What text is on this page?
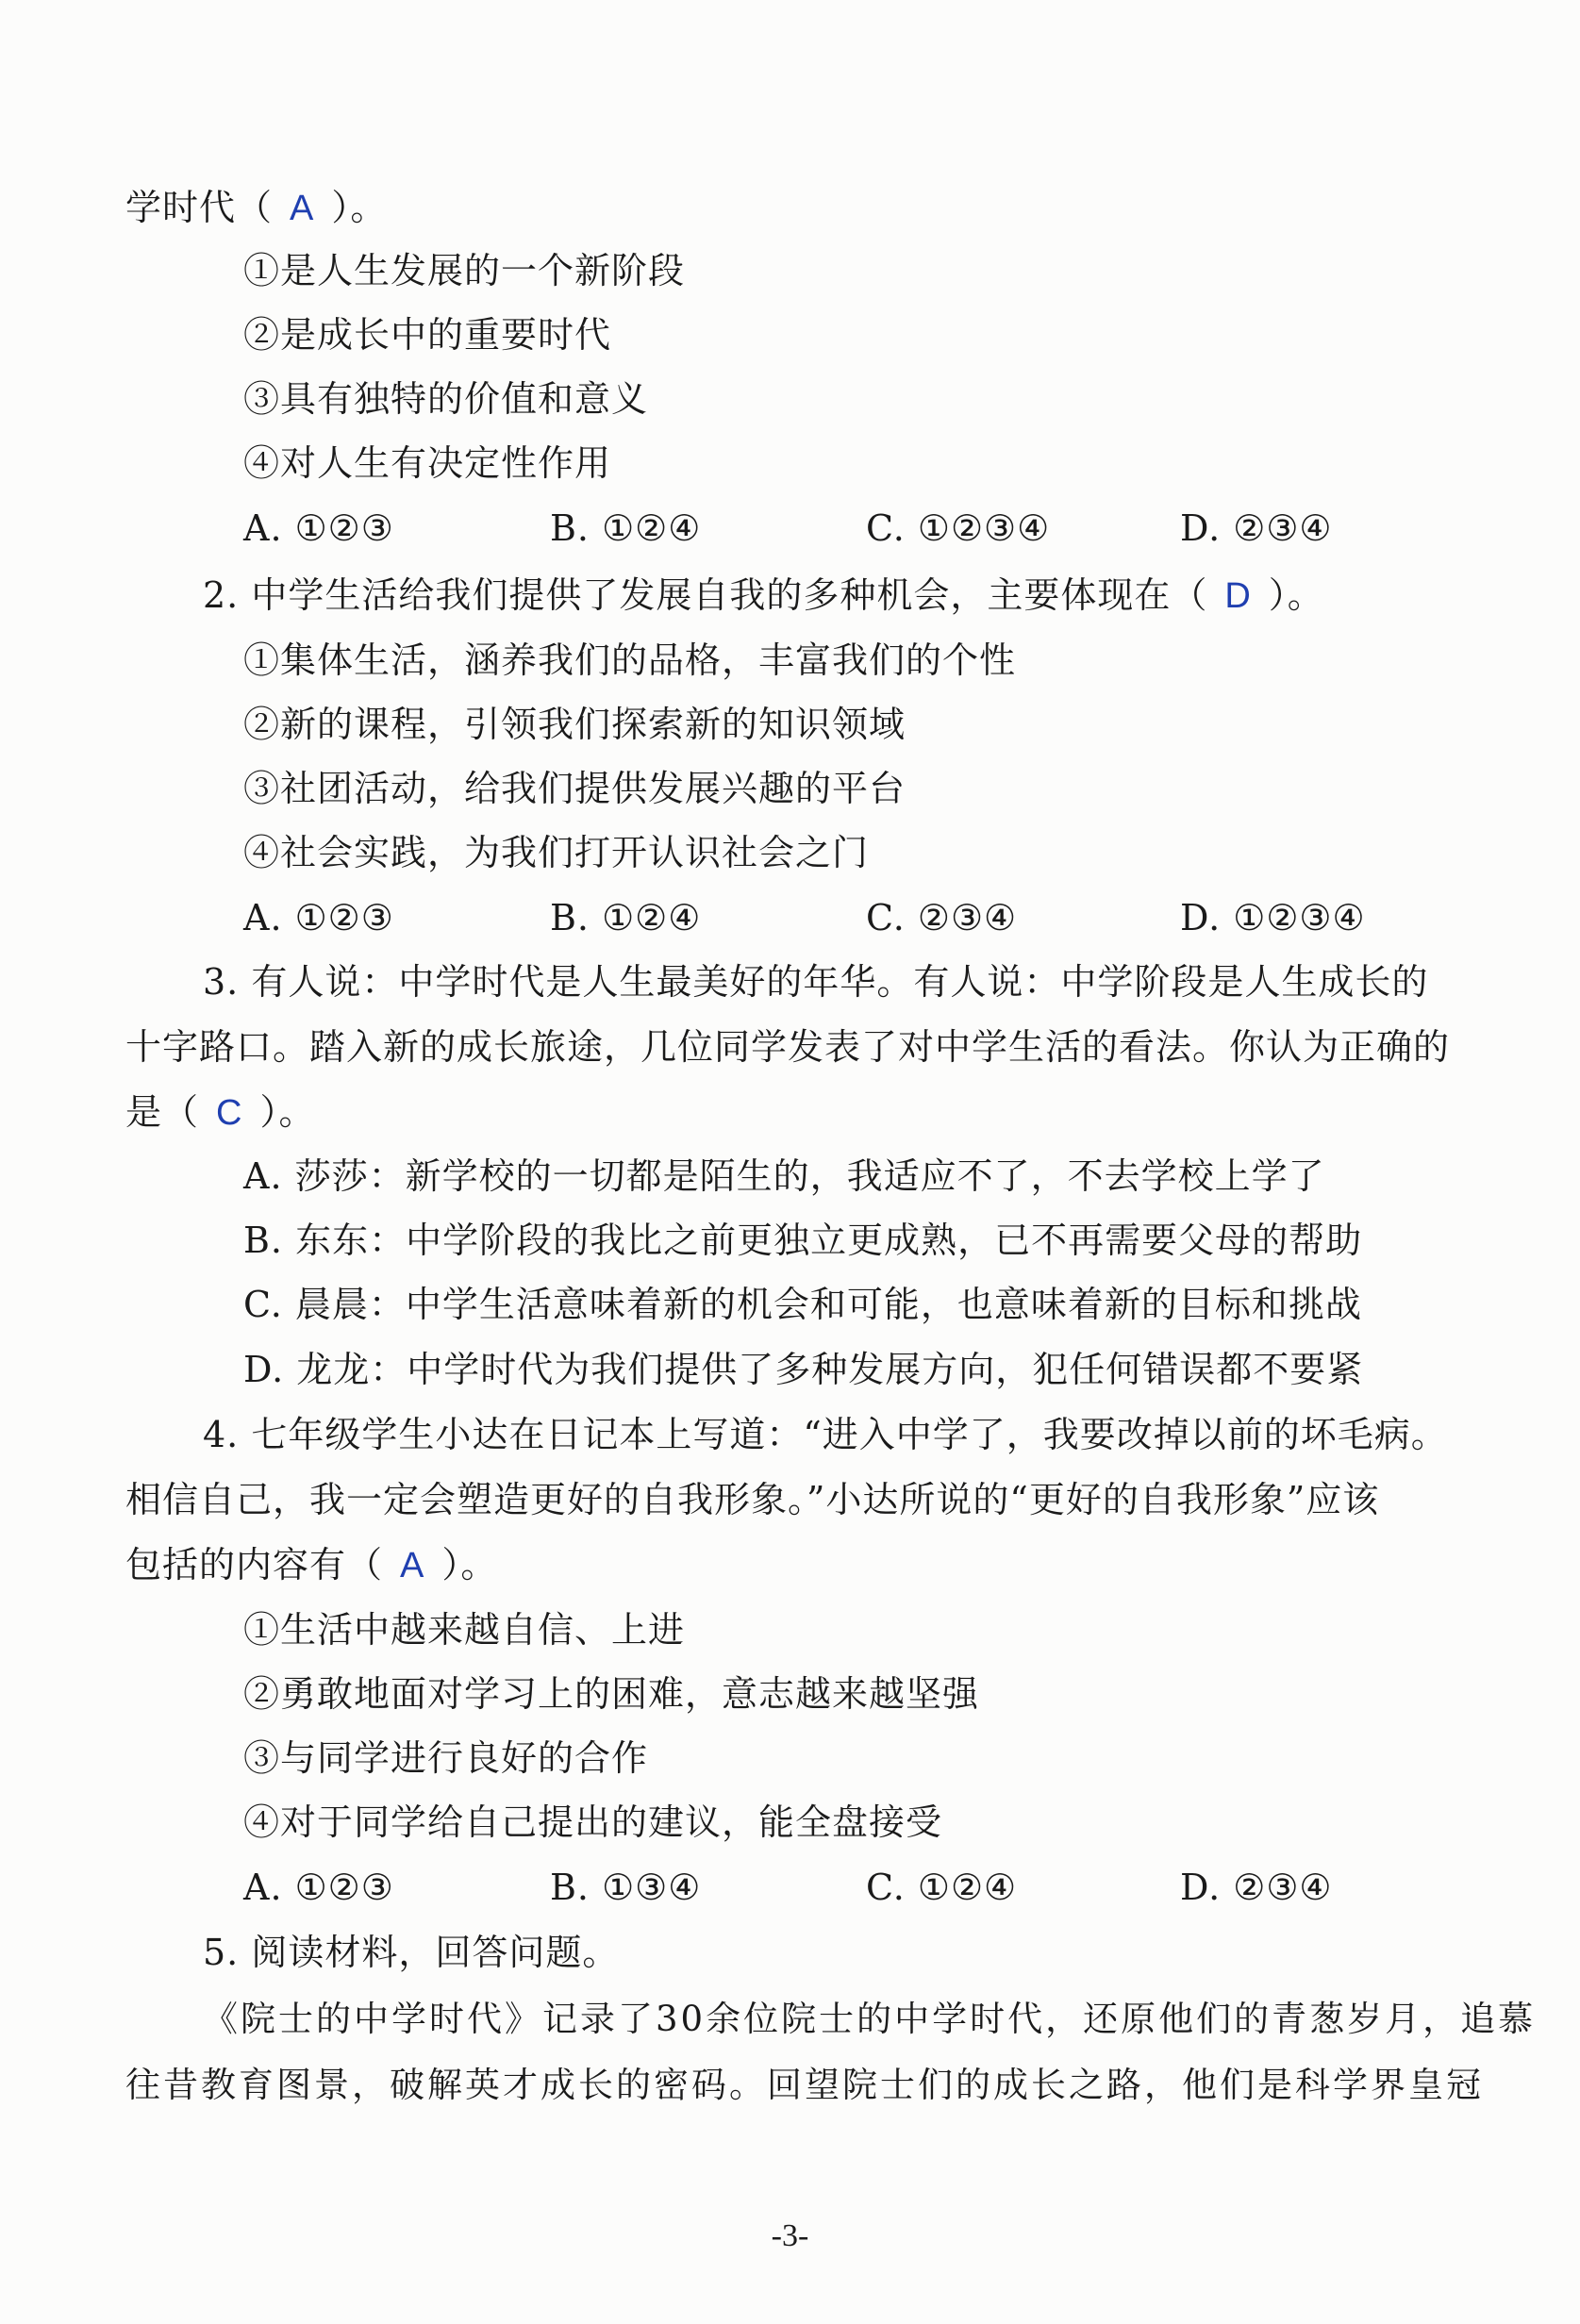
学时代（ A ）。
①是人生发展的一个新阶段
②是成长中的重要时代
③具有独特的价值和意义
④对人生有决定性作用
A. ①②③	B. ①②④	C. ①②③④	D. ②③④
2. 中学生活给我们提供了发展自我的多种机会，主要体现在（ D ）。
①集体生活，涵养我们的品格，丰富我们的个性
②新的课程，引领我们探索新的知识领域
③社团活动，给我们提供发展兴趣的平台
④社会实践，为我们打开认识社会之门
A. ①②③	B. ①②④	C. ②③④	D. ①②③④
3. 有人说：中学时代是人生最美好的年华。有人说：中学阶段是人生成长的
十字路口。踏入新的成长旅途，几位同学发表了对中学生活的看法。你认为正确的
是（ C ）。
A. 莎莎：新学校的一切都是陌生的，我适应不了，不去学校上学了
B. 东东：中学阶段的我比之前更独立更成熟，已不再需要父母的帮助
C. 晨晨：中学生活意味着新的机会和可能，也意味着新的目标和挑战
D. 龙龙：中学时代为我们提供了多种发展方向，犯任何错误都不要紧
4. 七年级学生小达在日记本上写道：“进入中学了，我要改掉以前的坏毛病。
相信自己，我一定会塑造更好的自我形象。”小达所说的“更好的自我形象”应该
包括的内容有（ A ）。
①生活中越来越自信、上进
②勇敢地面对学习上的困难，意志越来越坚强
③与同学进行良好的合作
④对于同学给自己提出的建议，能全盘接受
A. ①②③	B. ①③④	C. ①②④	D. ②③④
5. 阅读材料，回答问题。
《院士的中学时代》记录了30余位院士的中学时代，还原他们的青葱岁月，追慕
往昔教育图景，破解英才成长的密码。回望院士们的成长之路，他们是科学界皇冠
-3-
